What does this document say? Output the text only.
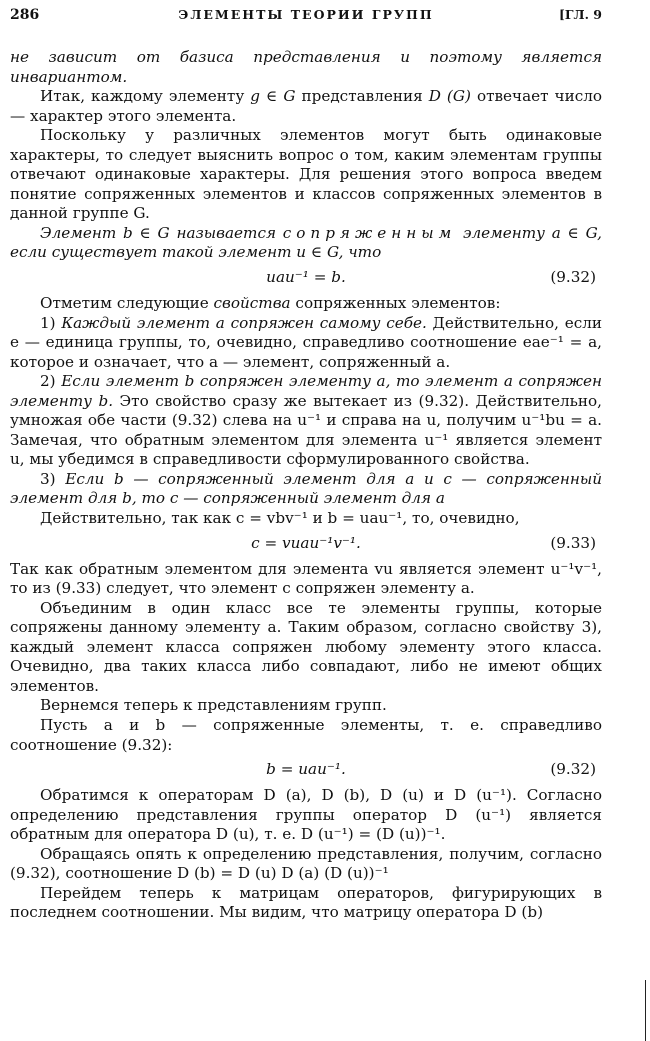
286	ЭЛЕМЕНТЫ ТЕОРИИ ГРУПП	[ГЛ. 9

не зависит от базиса представления и поэтому является инвариантом.

Итак, каждому элементу g ∈ G представления D (G) отвечает число — характер этого элемента.

Поскольку у различных элементов могут быть одинаковые характеры, то следует выяснить вопрос о том, каким элементам группы отвечают одинаковые характеры. Для решения этого вопроса введем понятие сопряженных элементов и классов сопряженных элементов в данной группе G.

Элемент b ∈ G называется сопряженным элементу a ∈ G, если существует такой элемент u ∈ G, что

uau⁻¹ = b.	(9.32)

Отметим следующие свойства сопряженных элементов:

1) Каждый элемент a сопряжен самому себе. Действительно, если e — единица группы, то, очевидно, справедливо соотношение eae⁻¹ = a, которое и означает, что a — элемент, сопряженный a.

2) Если элемент b сопряжен элементу a, то элемент a сопряжен элементу b. Это свойство сразу же вытекает из (9.32). Действительно, умножая обе части (9.32) слева на u⁻¹ и справа на u, получим u⁻¹bu = a. Замечая, что обратным элементом для элемента u⁻¹ является элемент u, мы убедимся в справедливости сформулированного свойства.

3) Если b — сопряженный элемент для a и c — сопряженный элемент для b, то c — сопряженный элемент для a

Действительно, так как c = vbv⁻¹ и b = uau⁻¹, то, очевидно,

c = vuau⁻¹v⁻¹.	(9.33)

Так как обратным элементом для элемента vu является элемент u⁻¹v⁻¹, то из (9.33) следует, что элемент c сопряжен элементу a.

Объединим в один класс все те элементы группы, которые сопряжены данному элементу a. Таким образом, согласно свойству 3), каждый элемент класса сопряжен любому элементу этого класса. Очевидно, два таких класса либо совпадают, либо не имеют общих элементов.

Вернемся теперь к представлениям групп.

Пусть a и b — сопряженные элементы, т. е. справедливо соотношение (9.32):

b = uau⁻¹.	(9.32)

Обратимся к операторам D (a), D (b), D (u) и D (u⁻¹). Согласно определению представления группы оператор D (u⁻¹) является обратным для оператора D (u), т. е. D (u⁻¹) = (D (u))⁻¹.

Обращаясь опять к определению представления, получим, согласно (9.32), соотношение D (b) = D (u) D (a) (D (u))⁻¹

Перейдем теперь к матрицам операторов, фигурирующих в последнем соотношении. Мы видим, что матрицу оператора D (b)
